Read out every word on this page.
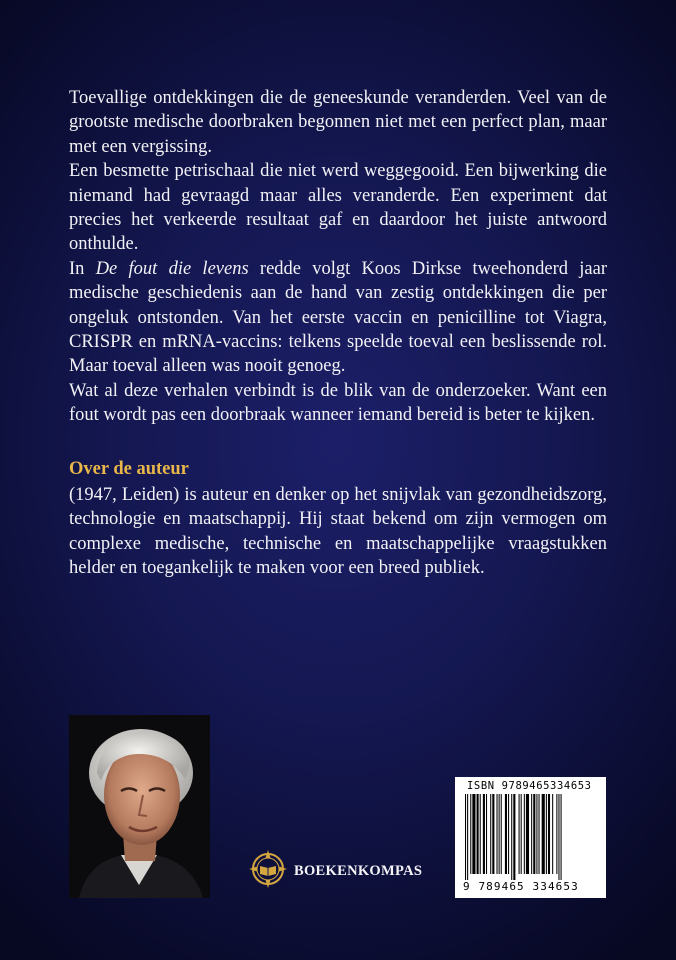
Toevallige ontdekkingen die de geneeskunde veranderden. Veel van de grootste medische doorbraken begonnen niet met een perfect plan, maar met een vergissing.

Een besmette petrischaal die niet werd weggegooid. Een bijwerking die niemand had gevraagd maar alles veranderde. Een experiment dat precies het verkeerde resultaat gaf en daardoor het juiste antwoord onthulde.

In De fout die levens redde volgt Koos Dirkse tweehonderd jaar medische geschiedenis aan de hand van zestig ontdekkingen die per ongeluk ontstonden. Van het eerste vaccin en penicilline tot Viagra, CRISPR en mRNA-vaccins: telkens speelde toeval een beslissende rol. Maar toeval alleen was nooit genoeg.

Wat al deze verhalen verbindt is de blik van de onderzoeker. Want een fout wordt pas een doorbraak wanneer iemand bereid is beter te kijken.

Over de auteur

(1947, Leiden) is auteur en denker op het snijvlak van gezondheidszorg, technologie en maatschappij. Hij staat bekend om zijn vermogen om complexe medische, technische en maatschappelijke vraagstukken helder en toegankelijk te maken voor een breed publiek.

BOEKENKOMPAS
ISBN 9789465334653
9 789465 334653
